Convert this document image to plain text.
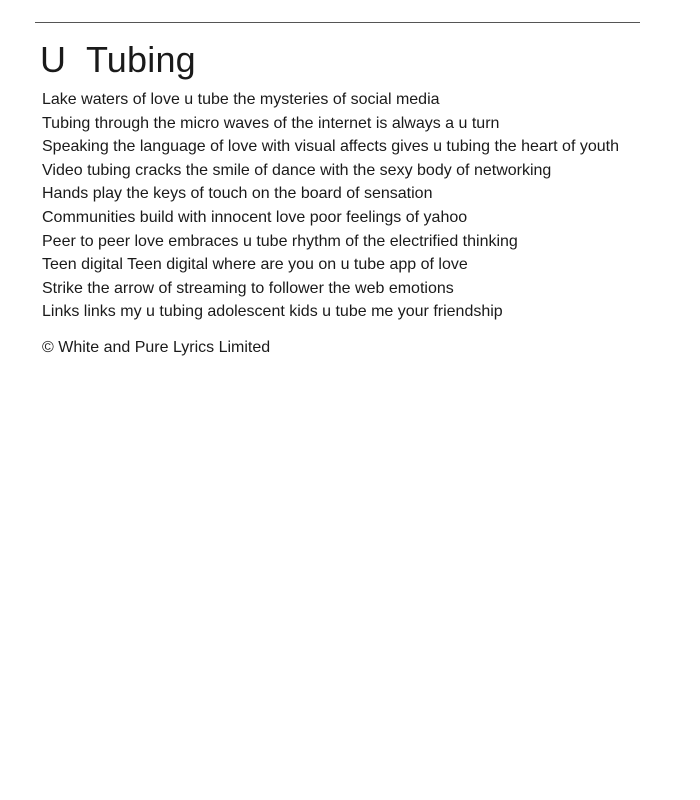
U  Tubing
Lake waters of love u tube the mysteries of social media
Tubing through the micro waves of the internet is always a u turn
Speaking the language of love with visual affects gives u tubing the heart of youth
Video tubing cracks the smile of dance with the sexy body of networking
Hands play the keys of touch on the board of sensation
Communities build with innocent love poor feelings of yahoo
Peer to peer love embraces u tube rhythm of the electrified thinking
Teen digital Teen digital where are you on u tube app of love
Strike the arrow of streaming to follower the web emotions
Links links my u tubing adolescent kids u tube me your friendship

© White and Pure Lyrics Limited
